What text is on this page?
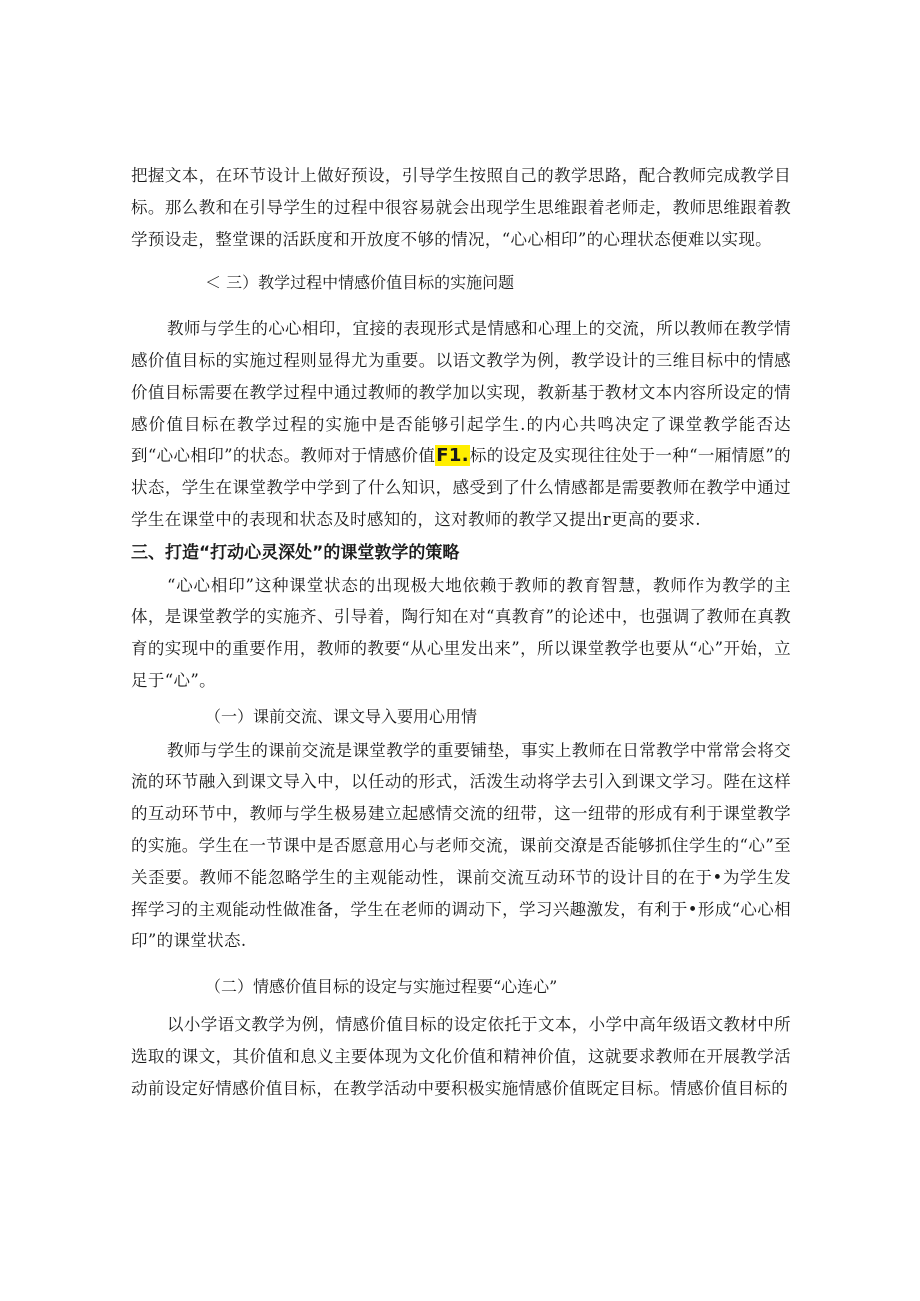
把握文本，在环节设计上做好预设，引导学生按照自己的教学思路，配合教师完成教学目标。那么教和在引导学生的过程中很容易就会出现学生思维跟着老师走，教师思维跟着教学预设走，整堂课的活跃度和开放度不够的情况，“心心相印”的心理状态便难以实现。

＜ 三）教学过程中情感价值目标的实施问题

教师与学生的心心相印，宜接的表现形式是情感和心理上的交流，所以教师在教学情感价值目标的实施过程则显得尤为重要。以语文教学为例，教学设计的三维目标中的情感价值目标需要在教学过程中通过教师的教学加以实现，教新基于教材文本内容所设定的情感价值目标在教学过程的实施中是否能够引起学生.的内心共鸣决定了课堂教学能否达到“心心相印”的状态。教师对于情感价值F1.标的设定及实现往往处于一种“一厢情愿”的状态，学生在课堂教学中学到了什么知识，感受到了什么情感都是需要教师在教学中通过学生在课堂中的表现和状态及时感知的，这对教师的教学又提出r更高的要求.

三、打造“打动心灵深处”的课堂敦学的策略

“心心相印”这种课堂状态的出现极大地依赖于教师的教育智慧，教师作为教学的主体，是课堂教学的实施齐、引导着，陶行知在对“真教育”的论述中，也强调了教师在真教育的实现中的重要作用，教师的教要“从心里发出来”，所以课堂教学也要从“心”开始，立足于“心”。

（一）课前交流、课文导入要用心用情

教师与学生的课前交流是课堂教学的重要铺垫，事实上教师在日常教学中常常会将交流的环节融入到课文导入中，以任动的形式，活泼生动将学去引入到课文学习。陛在这样的互动环节中，教师与学生极易建立起感情交流的纽带，这一纽带的形成有利于课堂教学的实施。学生在一节课中是否愿意用心与老师交流，课前交潦是否能够抓住学生的“心”至关歪要。教师不能忽略学生的主观能动性，课前交流互动环节的设计目的在于•为学生发挥学习的主观能动性做准备，学生在老师的调动下，学习兴趣激发，有利于•形成“心心相印”的课堂状态.

（二）情感价值目标的设定与实施过程要“心连心”

以小学语文教学为例，情感价值目标的设定依托于文本，小学中高年级语文教材中所选取的课文，其价值和息义主要体现为文化价值和精神价值，这就要求教师在开展教学活动前设定好情感价值目标，在教学活动中要积极实施情感价值既定目标。情感价值目标的
